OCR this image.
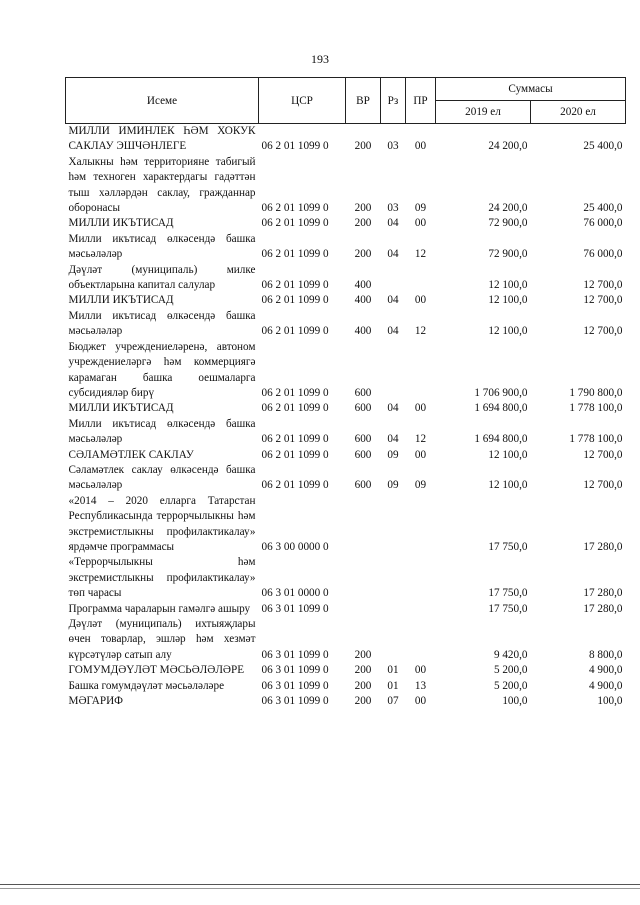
193
Исеме	ЦСР	ВР	Рз	ПР	Суммасы	
					2019 ел	2020 ел
МИЛЛИ ИМИНЛЕК ҺӘМ ХОКУК САКЛАУ ЭШЧӘНЛЕГЕ	06 2 01 1099 0	200	03	00	24 200,0	25 400,0
Халыкны һәм территорияне табигый һәм техноген характердагы гадәттән тыш хәлләрдән саклау, гражданнар оборонасы	06 2 01 1099 0	200	03	09	24 200,0	25 400,0
МИЛЛИ ИКЪТИСАД	06 2 01 1099 0	200	04	00	72 900,0	76 000,0
Милли икътисад өлкәсендә башка мәсьәләләр	06 2 01 1099 0	200	04	12	72 900,0	76 000,0
Дәүләт (муниципаль) милке объектларына капитал салулар	06 2 01 1099 0	400			12 100,0	12 700,0
МИЛЛИ ИКЪТИСАД	06 2 01 1099 0	400	04	00	12 100,0	12 700,0
Милли икътисад өлкәсендә башка мәсьәләләр	06 2 01 1099 0	400	04	12	12 100,0	12 700,0
Бюджет учреждениеләренә, автоном учреждениеләргә һәм коммерциягә карамаган башка оешмаларга субсидияләр бирү	06 2 01 1099 0	600			1 706 900,0	1 790 800,0
МИЛЛИ ИКЪТИСАД	06 2 01 1099 0	600	04	00	1 694 800,0	1 778 100,0
Милли икътисад өлкәсендә башка мәсьәләләр	06 2 01 1099 0	600	04	12	1 694 800,0	1 778 100,0
СӘЛАМӘТЛЕК САКЛАУ	06 2 01 1099 0	600	09	00	12 100,0	12 700,0
Сәламәтлек саклау өлкәсендә башка мәсьәләләр	06 2 01 1099 0	600	09	09	12 100,0	12 700,0
«2014 – 2020 елларга Татарстан Республикасында террорчылыкны һәм экстремистлыкны профилактикалау» ярдәмче программасы	06 3 00 0000 0				17 750,0	17 280,0
«Террорчылыкны һәм экстремистлыкны профилактикалау» төп чарасы	06 3 01 0000 0				17 750,0	17 280,0
Программа чараларын гамәлгә ашыру	06 3 01 1099 0				17 750,0	17 280,0
Дәүләт (муниципаль) ихтыяҗлары өчен товарлар, эшләр һәм хезмәт күрсәтүләр сатып алу	06 3 01 1099 0	200			9 420,0	8 800,0
ГОМУМДӘҮЛӘТ МӘСЬӘЛӘЛӘРЕ	06 3 01 1099 0	200	01	00	5 200,0	4 900,0
Башка гомумдәүләт мәсьәләләре	06 3 01 1099 0	200	01	13	5 200,0	4 900,0
МӘГАРИФ	06 3 01 1099 0	200	07	00	100,0	100,0
